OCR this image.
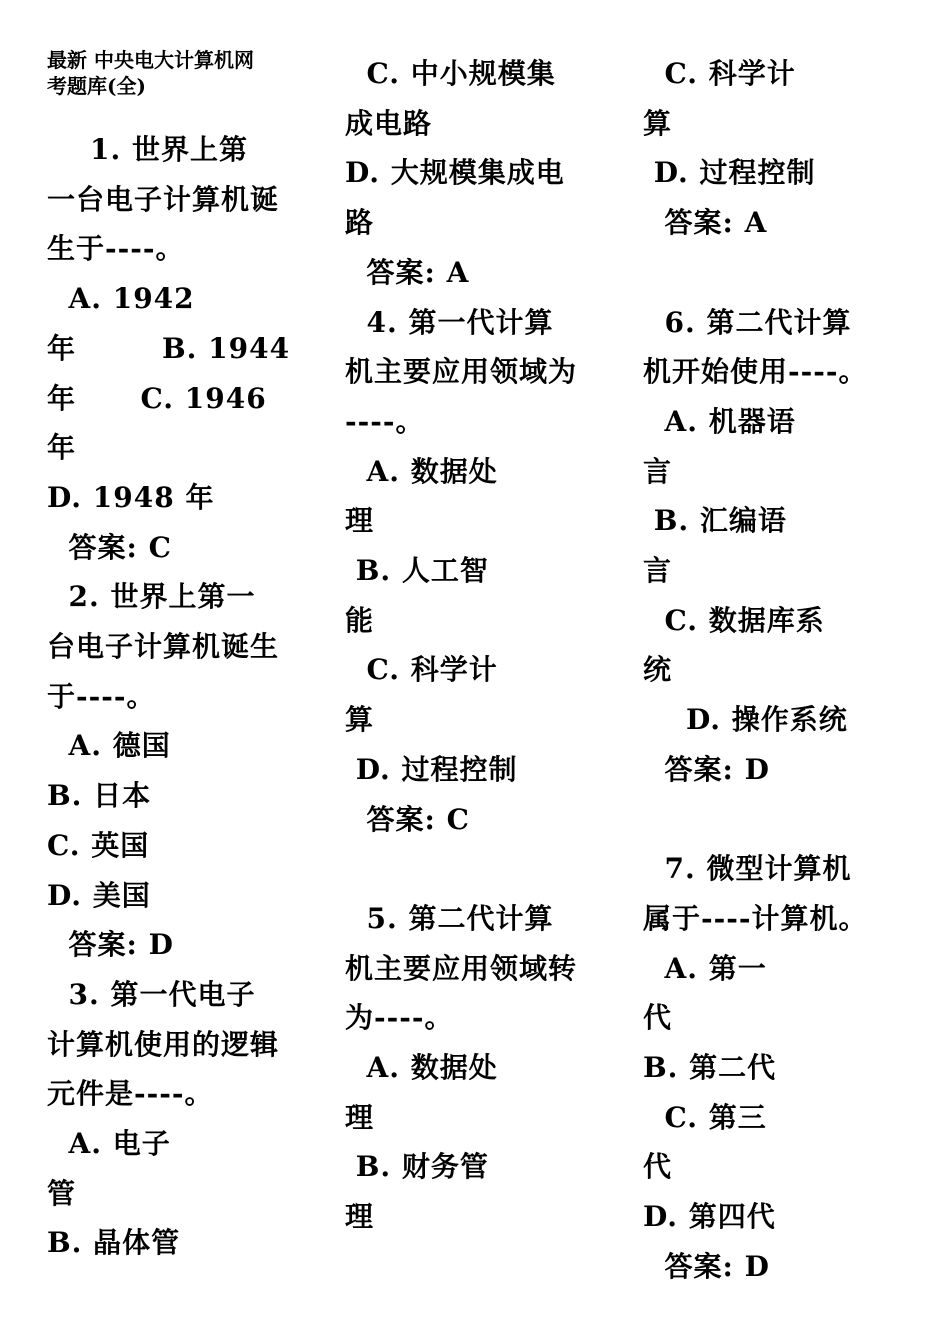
最新 中央电大计算机网
考题库(全)
1. 世界上第
一台电子计算机诞
生于----。
A. 1942
年        B. 1944
年      C. 1946
年
D. 1948 年
答案: C
2. 世界上第一
台电子计算机诞生
于----。
A. 德国
B. 日本
C. 英国
D. 美国
答案: D
3. 第一代电子
计算机使用的逻辑
元件是----。
A. 电子
管
B. 晶体管
C. 中小规模集
成电路
D. 大规模集成电
路
答案: A
4. 第一代计算
机主要应用领域为
----。
A. 数据处
理
B. 人工智
能
C. 科学计
算
D. 过程控制
答案: C
5. 第二代计算
机主要应用领域转
为----。
A. 数据处
理
B. 财务管
理
C. 科学计
算
D. 过程控制
答案: A
6. 第二代计算
机开始使用----。
A. 机器语
言
B. 汇编语
言
C. 数据库系
统
D. 操作系统
答案: D
7. 微型计算机
属于----计算机。
A. 第一
代
B. 第二代
C. 第三
代
D. 第四代
答案: D
